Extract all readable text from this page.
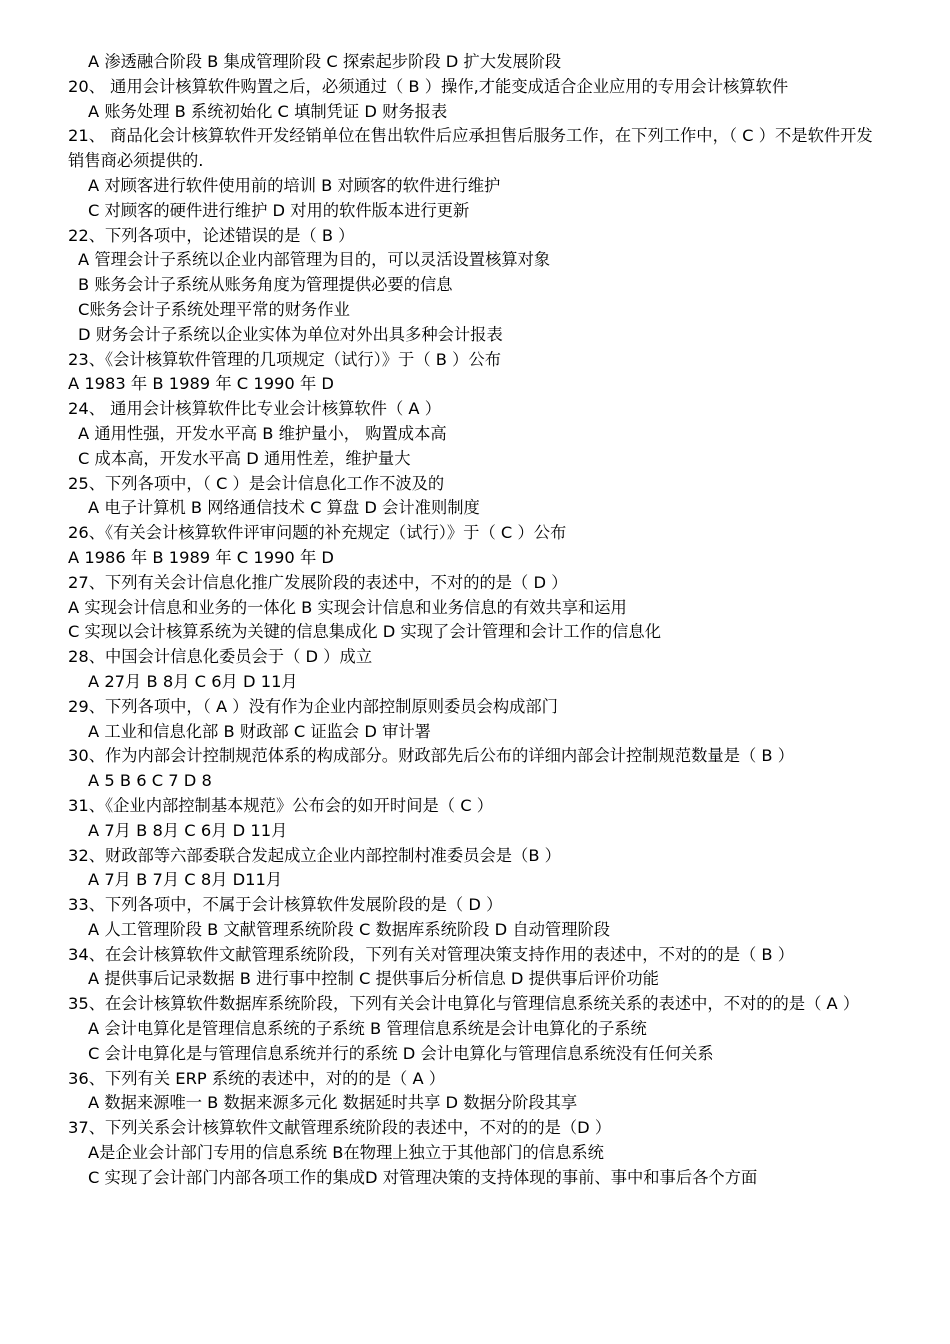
A 渗透融合阶段 B 集成管理阶段 C 探索起步阶段 D 扩大发展阶段
20、 通用会计核算软件购置之后，必须通过（ B ）操作,才能变成适合企业应用的专用会计核算软件
A 账务处理 B 系统初始化 C 填制凭证 D 财务报表
21、 商品化会计核算软件开发经销单位在售出软件后应承担售后服务工作，在下列工作中，（ C ）不是软件开发销售商必须提供的.
A 对顾客进行软件使用前的培训 B 对顾客的软件进行维护
C 对顾客的硬件进行维护 D 对用的软件版本进行更新
22、下列各项中，论述错误的是（ B ）
A 管理会计子系统以企业内部管理为目的，可以灵活设置核算对象
B 账务会计子系统从账务角度为管理提供必要的信息
C账务会计子系统处理平常的财务作业
D 财务会计子系统以企业实体为单位对外出具多种会计报表
23、《会计核算软件管理的几项规定（试行）》于（ B ）公布
A 1983 年 B 1989 年 C 1990 年 D
24、 通用会计核算软件比专业会计核算软件（ A ）
A 通用性强，开发水平高 B 维护量小， 购置成本高
C 成本高，开发水平高 D 通用性差，维护量大
25、下列各项中，（ C ）是会计信息化工作不波及的
A 电子计算机 B 网络通信技术 C 算盘 D 会计准则制度
26、《有关会计核算软件评审问题的补充规定（试行）》于（ C ）公布
A 1986 年 B 1989 年 C 1990 年 D
27、下列有关会计信息化推广发展阶段的表述中，不对的的是（ D ）
A 实现会计信息和业务的一体化 B 实现会计信息和业务信息的有效共享和运用
C 实现以会计核算系统为关键的信息集成化 D 实现了会计管理和会计工作的信息化
28、中国会计信息化委员会于（ D ）成立
A 27月 B 8月 C 6月 D 11月
29、下列各项中，（ A ）没有作为企业内部控制原则委员会构成部门
A 工业和信息化部 B 财政部 C 证监会 D 审计署
30、作为内部会计控制规范体系的构成部分。财政部先后公布的详细内部会计控制规范数量是（ B ）
A 5 B 6 C 7 D 8
31、《企业内部控制基本规范》公布会的如开时间是（ C ）
A 7月 B 8月 C 6月 D 11月
32、财政部等六部委联合发起成立企业内部控制村准委员会是（B ）
A 7月 B 7月 C 8月 D11月
33、下列各项中，不属于会计核算软件发展阶段的是（ D ）
A 人工管理阶段 B 文献管理系统阶段 C 数据库系统阶段 D 自动管理阶段
34、在会计核算软件文献管理系统阶段，下列有关对管理决策支持作用的表述中，不对的的是（ B ）
A 提供事后记录数据 B 进行事中控制 C 提供事后分析信息 D 提供事后评价功能
35、在会计核算软件数据库系统阶段，下列有关会计电算化与管理信息系统关系的表述中，不对的的是（ A ）
A 会计电算化是管理信息系统的子系统 B 管理信息系统是会计电算化的子系统
C 会计电算化是与管理信息系统并行的系统 D 会计电算化与管理信息系统没有任何关系
36、下列有关 ERP 系统的表述中，对的的是（ A ）
A 数据来源唯一 B 数据来源多元化 数据延时共享 D 数据分阶段其享
37、下列关系会计核算软件文献管理系统阶段的表述中，不对的的是（D ）
A是企业会计部门专用的信息系统 B在物理上独立于其他部门的信息系统
C 实现了会计部门内部各项工作的集成D 对管理决策的支持体现的事前、事中和事后各个方面
